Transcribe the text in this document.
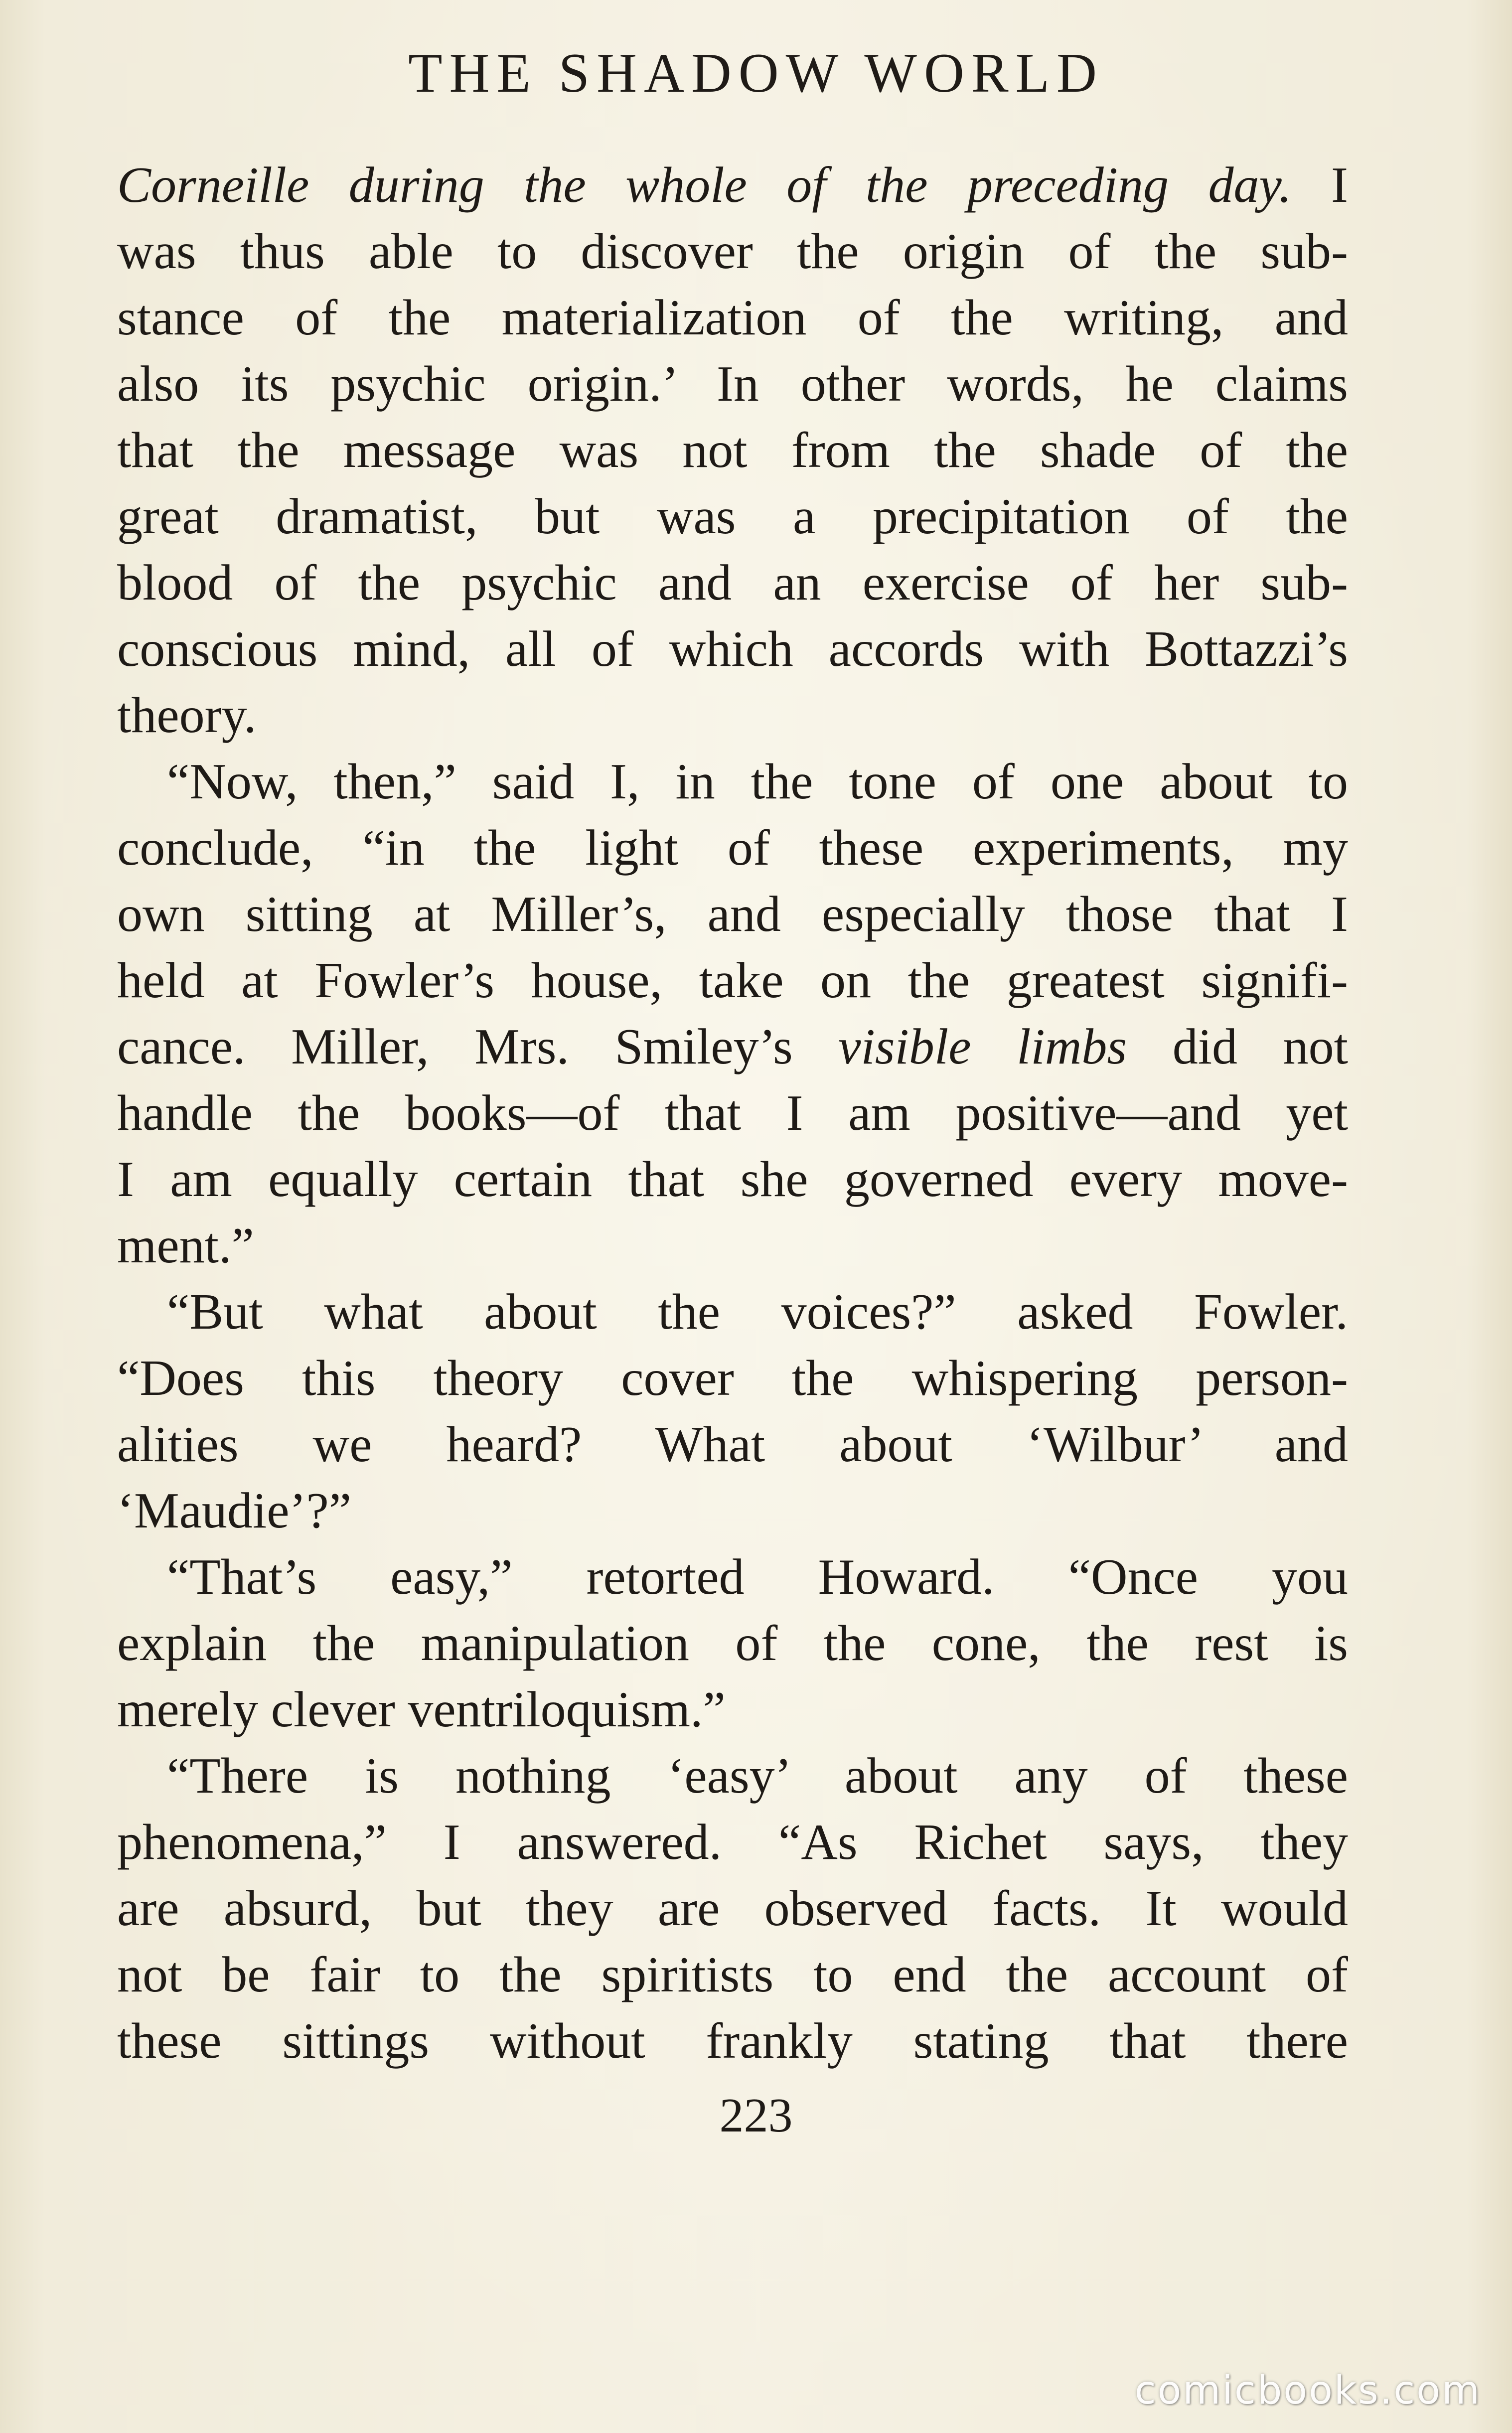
THE SHADOW WORLD
Corneille during the whole of the preceding day. I
was thus able to discover the origin of the sub-
stance of the materialization of the writing, and
also its psychic origin.’ In other words, he claims
that the message was not from the shade of the
great dramatist, but was a precipitation of the
blood of the psychic and an exercise of her sub-
conscious mind, all of which accords with Bottazzi’s
theory.
“Now, then,” said I, in the tone of one about to
conclude, “in the light of these experiments, my
own sitting at Miller’s, and especially those that I
held at Fowler’s house, take on the greatest signifi-
cance. Miller, Mrs. Smiley’s visible limbs did not
handle the books—of that I am positive—and yet
I am equally certain that she governed every move-
ment.”
“But what about the voices?” asked Fowler.
“Does this theory cover the whispering person-
alities we heard? What about ‘Wilbur’ and
‘Maudie’?”
“That’s easy,” retorted Howard. “Once you
explain the manipulation of the cone, the rest is
merely clever ventriloquism.”
“There is nothing ‘easy’ about any of these
phenomena,” I answered. “As Richet says, they
are absurd, but they are observed facts. It would
not be fair to the spiritists to end the account of
these sittings without frankly stating that there
223
comicbooks.com
